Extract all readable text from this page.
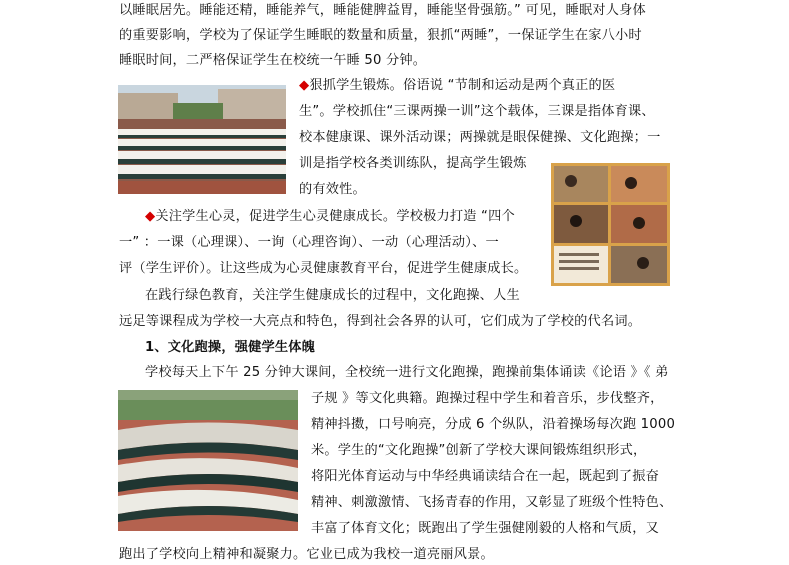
以睡眠居先。睡能还精，睡能养气，睡能健脾益胃，睡能坚骨强筋。” 可见，睡眠对人身体
的重要影响，学校为了保证学生睡眠的数量和质量，狠抓“两睡”，一保证学生在家八小时
睡眠时间，二严格保证学生在校统一午睡 50 分钟。
◆狠抓学生锻炼。俗语说 “节制和运动是两个真正的医
生”。学校抓住“三课两操一训”这个载体，三课是指体育课、
校本健康课、课外活动课；两操就是眼保健操、文化跑操；一
训是指学校各类训练队，提高学生锻炼
的有效性。
◆关注学生心灵，促进学生心灵健康成长。学校极力打造 “四个
一” ：一课（心理课）、一询（心理咨询）、一动（心理活动）、一
评（学生评价）。让这些成为心灵健康教育平台，促进学生健康成长。
在践行绿色教育，关注学生健康成长的过程中，文化跑操、人生
远足等课程成为学校一大亮点和特色，得到社会各界的认可，它们成为了学校的代名词。
1、文化跑操，强健学生体魄
学校每天上下午 25 分钟大课间，全校统一进行文化跑操，跑操前集体诵读《论语 》《 弟
子规 》等文化典籍。跑操过程中学生和着音乐，步伐整齐，
精神抖擞，口号响亮，分成 6 个纵队，沿着操场每次跑 1000
米。学生的“文化跑操”创新了学校大课间锻炼组织形式，
将阳光体育运动与中华经典诵读结合在一起，既起到了振奋
精神、刺激激情、飞扬青春的作用，又彰显了班级个性特色、
丰富了体育文化；既跑出了学生强健刚毅的人格和气质，又
跑出了学校向上精神和凝聚力。它业已成为我校一道亮丽风景。
